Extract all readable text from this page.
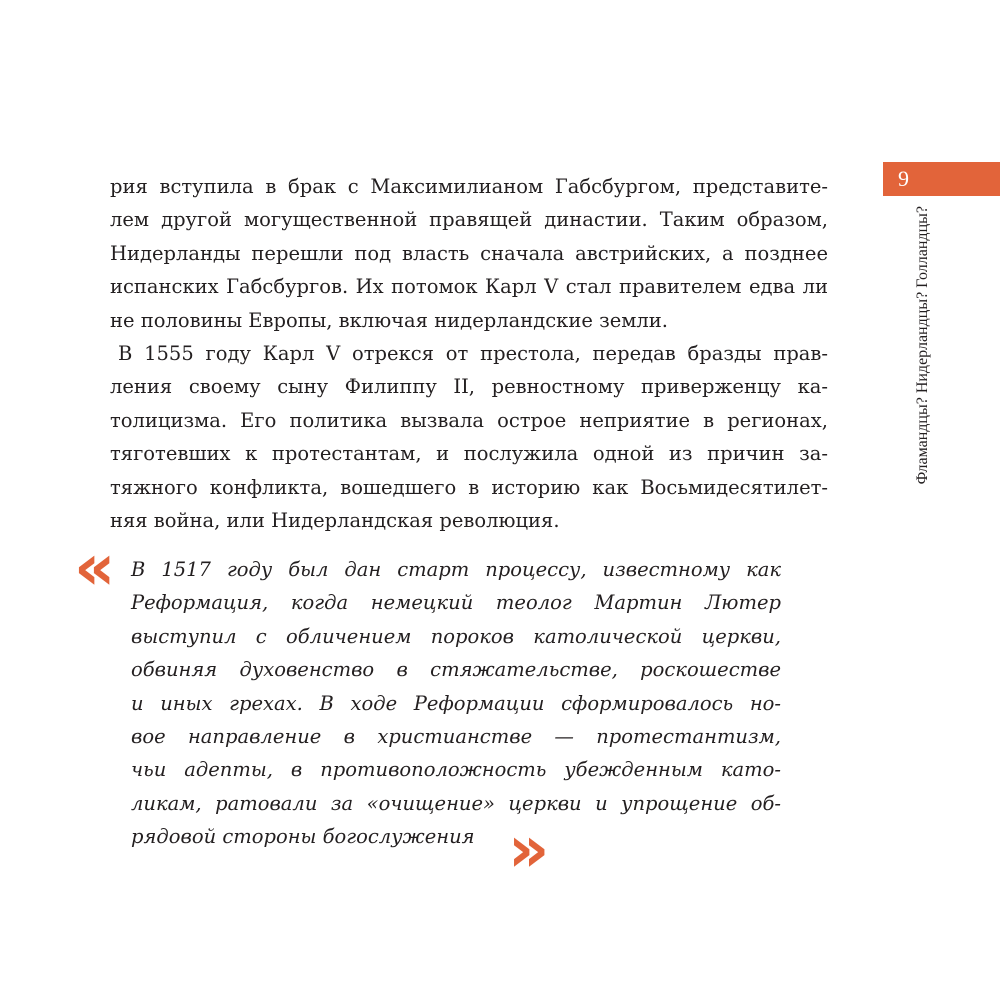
9
Фламандцы? Нидерландцы? Голландцы?
рия вступила в брак с Максимилианом Габсбургом, представите-
лем другой могущественной правящей династии. Таким образом,
Нидерланды перешли под власть сначала австрийских, а позднее
испанских Габсбургов. Их потомок Карл V стал правителем едва ли
не половины Европы, включая нидерландские земли.
В 1555 году Карл V отрекся от престола, передав бразды прав-
ления своему сыну Филиппу II, ревностному приверженцу ка-
толицизма. Его политика вызвала острое неприятие в регионах,
тяготевших к протестантам, и послужила одной из причин за-
тяжного конфликта, вошедшего в историю как Восьмидесятилет-
няя война, или Нидерландская революция.
« В 1517 году был дан старт процессу, известному как
Реформация, когда немецкий теолог Мартин Лютер
выступил с обличением пороков католической церкви,
обвиняя духовенство в стяжательстве, роскошестве
и иных грехах. В ходе Реформации сформировалось но-
вое направление в христианстве — протестантизм,
чьи адепты, в противоположность убежденным като-
ликам, ратовали за «очищение» церкви и упрощение об-
рядовой стороны богослужения »
